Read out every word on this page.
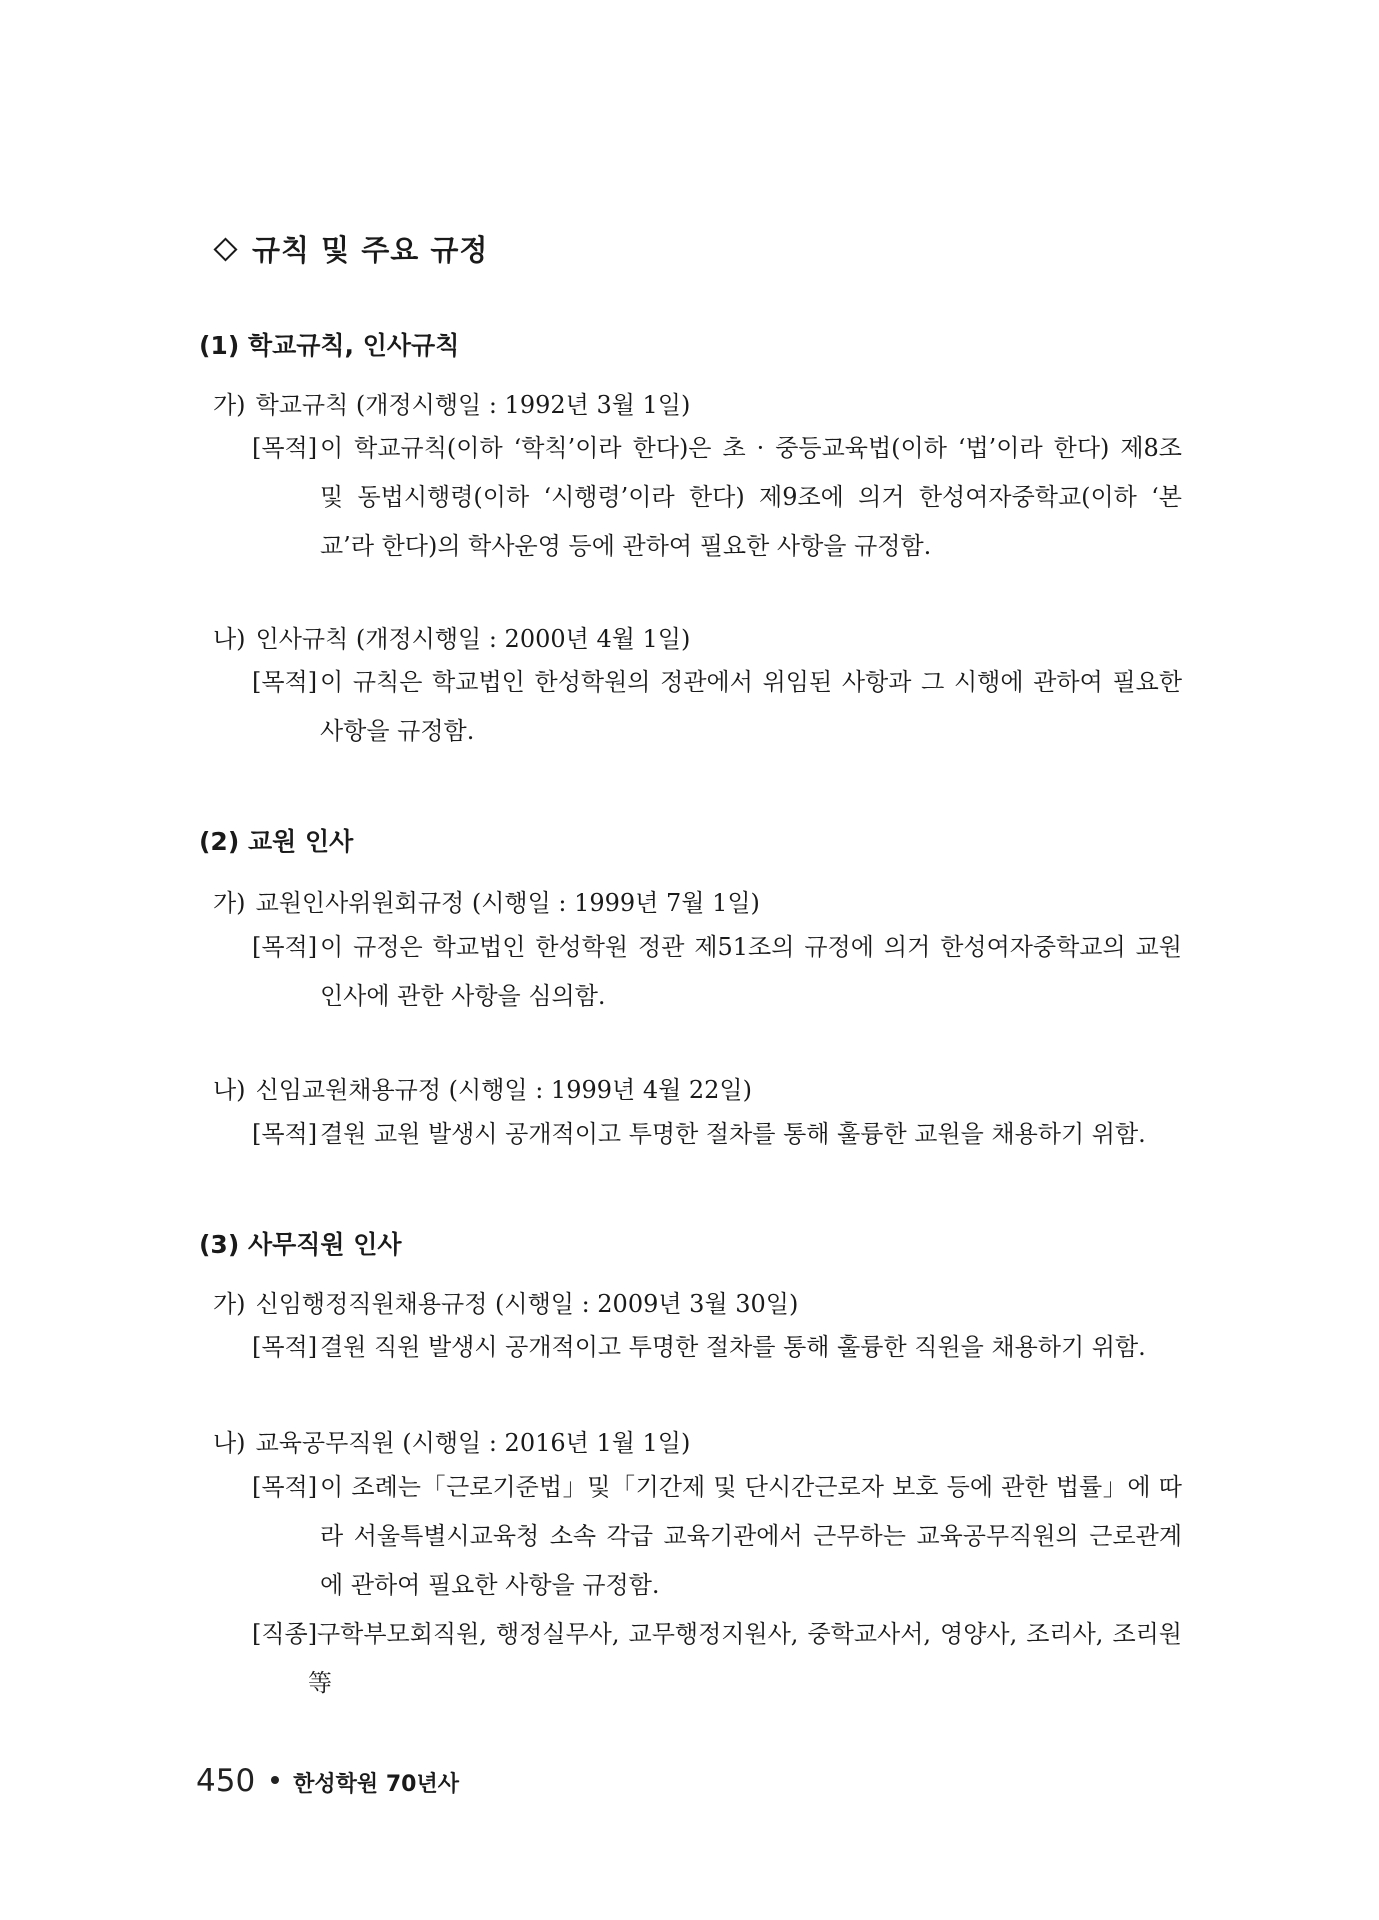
규칙 및 주요 규정
(1) 학교규칙, 인사규칙
가) 학교규칙 (개정시행일 : 1992년 3월 1일)
[목적] 이 학교규칙(이하 ‘학칙’이라 한다)은 초 · 중등교육법(이하 ‘법’이라 한다) 제8조 및 동법시행령(이하 ‘시행령’이라 한다) 제9조에 의거 한성여자중학교(이하 ‘본교’라 한다)의 학사운영 등에 관하여 필요한 사항을 규정함.
나) 인사규칙 (개정시행일 : 2000년 4월 1일)
[목적] 이 규칙은 학교법인 한성학원의 정관에서 위임된 사항과 그 시행에 관하여 필요한 사항을 규정함.
(2) 교원 인사
가) 교원인사위원회규정 (시행일 : 1999년 7월 1일)
[목적] 이 규정은 학교법인 한성학원 정관 제51조의 규정에 의거 한성여자중학교의 교원인사에 관한 사항을 심의함.
나) 신임교원채용규정 (시행일 : 1999년 4월 22일)
[목적] 결원 교원 발생시 공개적이고 투명한 절차를 통해 훌륭한 교원을 채용하기 위함.
(3) 사무직원 인사
가) 신임행정직원채용규정 (시행일 : 2009년 3월 30일)
[목적] 결원 직원 발생시 공개적이고 투명한 절차를 통해 훌륭한 직원을 채용하기 위함.
나) 교육공무직원 (시행일 : 2016년 1월 1일)
[목적] 이 조례는「근로기준법」및「기간제 및 단시간근로자 보호 등에 관한 법률」에 따라 서울특별시교육청 소속 각급 교육기관에서 근무하는 교육공무직원의 근로관계에 관하여 필요한 사항을 규정함.
[직종] 구학부모회직원, 행정실무사, 교무행정지원사, 중학교사서, 영양사, 조리사, 조리원 等
450 한성학원 70년사
